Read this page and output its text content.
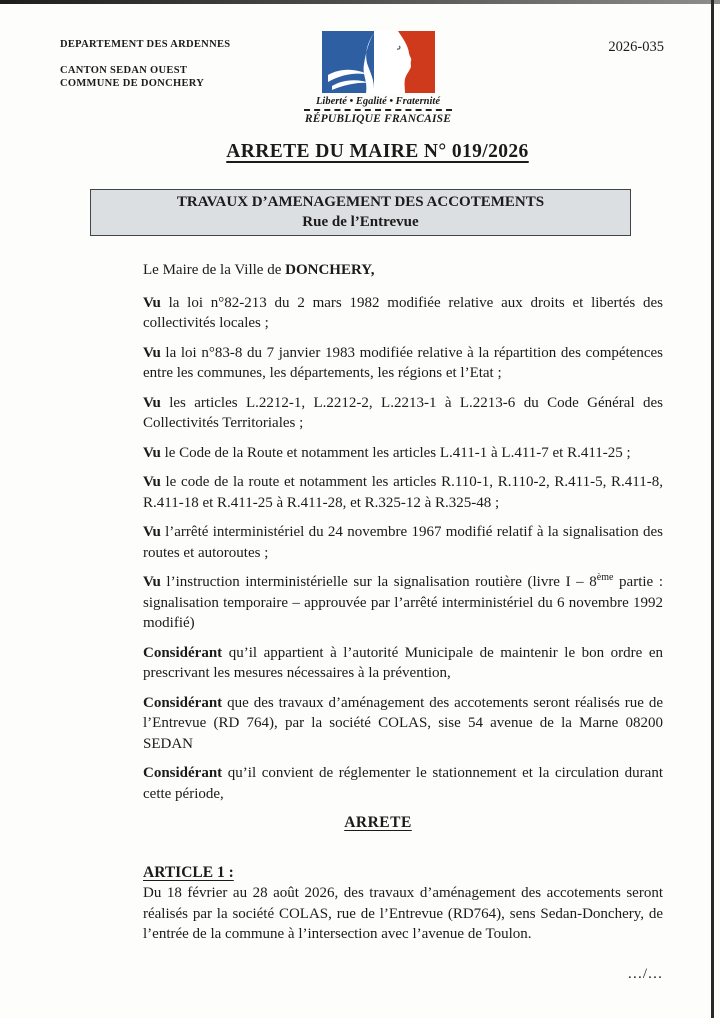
DEPARTEMENT DES ARDENNES
CANTON SEDAN OUEST
COMMUNE DE DONCHERY
2026-035
Liberté • Egalité • Fraternité
RÉPUBLIQUE FRANCAISE
ARRETE DU MAIRE N° 019/2026
TRAVAUX D’AMENAGEMENT DES ACCOTEMENTS
Rue de l’Entrevue

Le Maire de la Ville de DONCHERY,

Vu la loi n°82-213 du 2 mars 1982 modifiée relative aux droits et libertés des collectivités locales ;

Vu la loi n°83-8 du 7 janvier 1983 modifiée relative à la répartition des compétences entre les communes, les départements, les régions et l’Etat ;

Vu les articles L.2212-1, L.2212-2, L.2213-1 à L.2213-6 du Code Général des Collectivités Territoriales ;

Vu le Code de la Route et notamment les articles L.411-1 à L.411-7 et R.411-25 ;

Vu le code de la route et notamment les articles R.110-1, R.110-2, R.411-5, R.411-8, R.411-18 et R.411-25 à R.411-28, et R.325-12 à R.325-48 ;

Vu l’arrêté interministériel du 24 novembre 1967 modifié relatif à la signalisation des routes et autoroutes ;

Vu l’instruction interministérielle sur la signalisation routière (livre I – 8ème partie : signalisation temporaire – approuvée par l’arrêté interministériel du 6 novembre 1992 modifié)

Considérant qu’il appartient à l’autorité Municipale de maintenir le bon ordre en prescrivant les mesures nécessaires à la prévention,

Considérant que des travaux d’aménagement des accotements seront réalisés rue de l’Entrevue (RD 764), par la société COLAS, sise 54 avenue de la Marne 08200 SEDAN

Considérant qu’il convient de réglementer le stationnement et la circulation durant cette période,

ARRETE
ARTICLE 1 :

Du 18 février au 28 août 2026, des travaux d’aménagement des accotements seront réalisés par la société COLAS, rue de l’Entrevue (RD764), sens Sedan-Donchery, de l’entrée de la commune à l’intersection avec l’avenue de Toulon.

…/…
